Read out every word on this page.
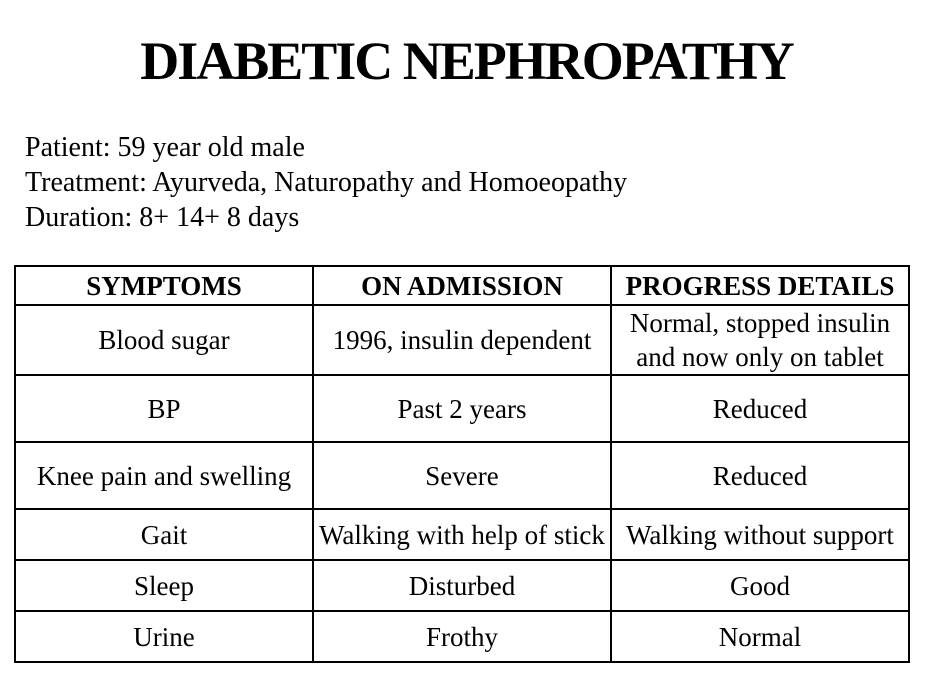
DIABETIC NEPHROPATHY
Patient: 59 year old male
Treatment: Ayurveda, Naturopathy and Homoeopathy
Duration: 8+ 14+ 8 days
SYMPTOMS	ON ADMISSION	PROGRESS DETAILS
Blood sugar	1996, insulin dependent	Normal, stopped insulin and now only on tablet
BP	Past 2 years	Reduced
Knee pain and swelling	Severe	Reduced
Gait	Walking with help of stick	Walking without support
Sleep	Disturbed	Good
Urine	Frothy	Normal
